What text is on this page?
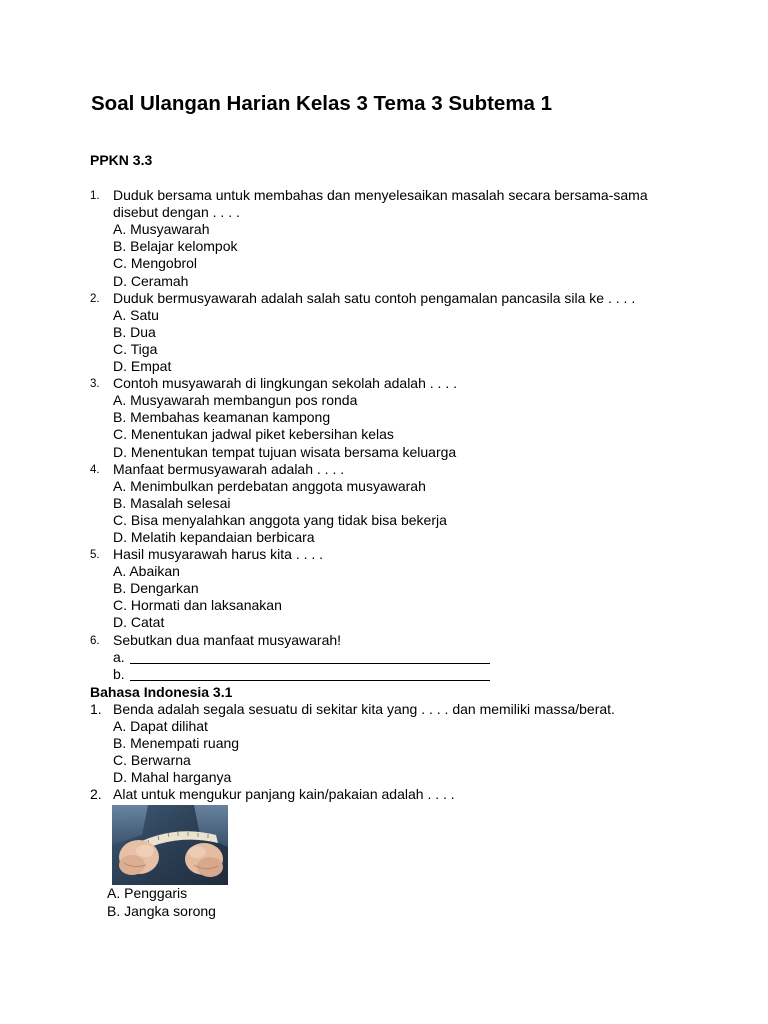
Soal Ulangan Harian Kelas 3 Tema 3 Subtema 1
PPKN 3.3
1. Duduk bersama untuk membahas dan menyelesaikan masalah secara bersama-sama
disebut dengan . . . .
A. Musyawarah
B. Belajar kelompok
C. Mengobrol
D. Ceramah
2. Duduk bermusyawarah adalah salah satu contoh pengamalan pancasila sila ke . . . .
A. Satu
B. Dua
C. Tiga
D. Empat
3. Contoh musyawarah di lingkungan sekolah adalah . . . .
A. Musyawarah membangun pos ronda
B. Membahas keamanan kampong
C. Menentukan jadwal piket kebersihan kelas
D. Menentukan tempat tujuan wisata bersama keluarga
4. Manfaat bermusyawarah adalah . . . .
A. Menimbulkan perdebatan anggota musyawarah
B. Masalah selesai
C. Bisa menyalahkan anggota yang tidak bisa bekerja
D. Melatih kepandaian berbicara
5. Hasil musyarawah harus kita . . . .
A. Abaikan
B. Dengarkan
C. Hormati dan laksanakan
D. Catat
6. Sebutkan dua manfaat musyawarah!
a.
b.
Bahasa Indonesia 3.1
1. Benda adalah segala sesuatu di sekitar kita yang . . . . dan memiliki massa/berat.
A. Dapat dilihat
B. Menempati ruang
C. Berwarna
D. Mahal harganya
2. Alat untuk mengukur panjang kain/pakaian adalah . . . .
A. Penggaris
B. Jangka sorong
